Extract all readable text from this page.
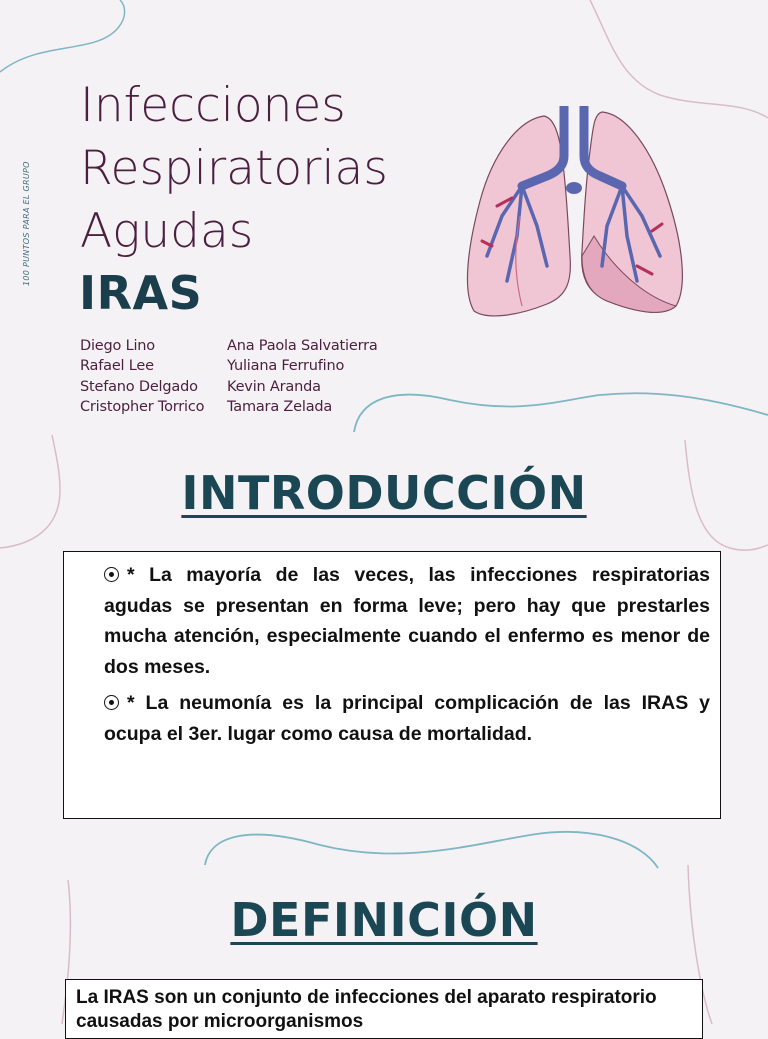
100 PUNTOS PARA EL GRUPO
Infecciones
Respiratorias
Agudas
IRAS
Diego Lino
Rafael Lee
Stefano Delgado
Cristopher Torrico
Ana Paola Salvatierra
Yuliana Ferrufino
Kevin Aranda
Tamara Zelada
INTRODUCCIÓN

* La mayoría de las veces, las infecciones respiratorias agudas se presentan en forma leve; pero hay que prestarles mucha atención, especialmente cuando el enfermo es menor de dos meses.

* La neumonía es la principal complicación de las IRAS y ocupa el 3er. lugar como causa de mortalidad.

DEFINICIÓN
La IRAS son un conjunto de infecciones del aparato respiratorio causadas por microorganismos
